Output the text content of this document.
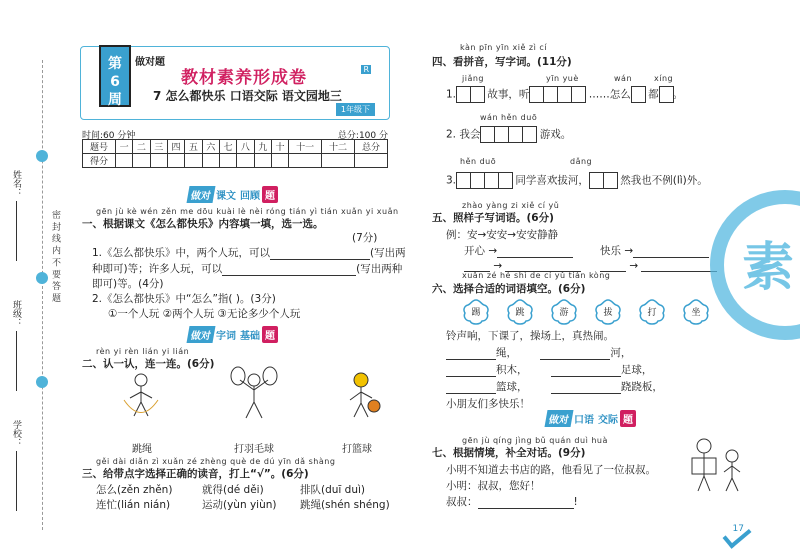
姓名：
班级：
学校：
密 封 线 内 不 要 答 题
第
6
周
做对题
教材素养形成卷	R
7 怎么都快乐 口语交际 语文园地三
1年级下
时间:60 分钟	总分:100 分
题号	一	二	三	四	五	六	七	八	九	十	十一	十二	总分
得分													
做对 课文 回顾 题
gēn jù kè wén zěn me dōu kuài lè nèi róng tián yì tián xuǎn yi xuǎn
一、根据课文《怎么都快乐》内容填一填，选一选。
(7分)
1.《怎么都快乐》中，两个人玩，可以	(写出两
种即可)等；许多人玩，可以	(写出两种
即可)等。(4分)
2.《怎么都快乐》中“怎么”指( )。(3分)
①一个人玩 ②两个人玩 ③无论多少个人玩
做对 字词 基础 题
rèn yi rèn lián yi lián
二、认一认，连一连。(6分)
跳绳	打羽毛球	打篮球
gěi dài diǎn zì xuǎn zé zhèng què de dú yīn dǎ shàng
三、给带点字选择正确的读音，打上“√”。(6分)
怎么(zěn zhěn)	就得(dé děi)	排队(duī duì)
连忙(lián nián)	运动(yùn yiùn) 跳绳(shén shéng)
kàn pīn yīn xiě zì cí
四、看拼音，写字词。(11分)
jiǎng	yīn yuè	wán	xíng
1.	故事，听	……怎么 都 。
wán hěn duō
2. 我会	游戏。
hěn duō	dǎng
3.	同学喜欢拔河，	然我也不例(lì)外。
zhào yàng zi xiě cí yǔ
五、照样子写词语。(6分)
例：安→安安→安安静静
开心 →	快乐 →
→	→
xuǎn zé hé shì de cí yǔ tián kòng
六、选择合适的词语填空。(6分)
踢	跳	游	拔	打	坐
铃声响，下课了，操场上，真热闹。
绳，	河，
积木，	足球，
篮球，	跷跷板，
小朋友们多快乐！
做对 口语 交际 题
gēn jù qíng jìng bǔ quán duì huà
七、根据情境，补全对话。(9分)
小明不知道去书店的路，他看见了一位叔叔。
小明：叔叔，您好！
叔叔：	!
素
17
